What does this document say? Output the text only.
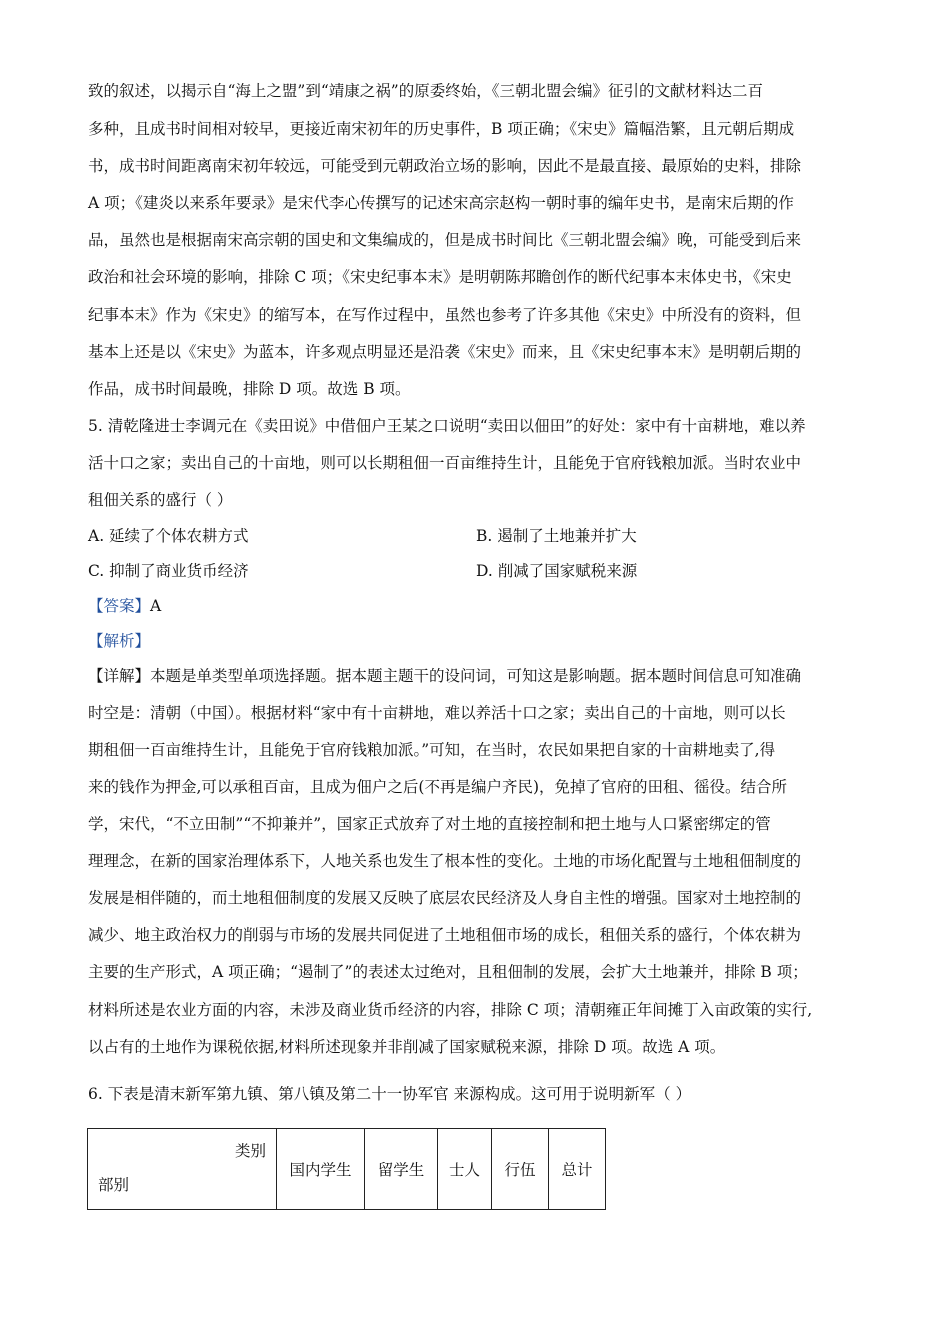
致的叙述，以揭示自“海上之盟”到“靖康之祸”的原委终始，《三朝北盟会编》征引的文献材料达二百
多种，且成书时间相对较早，更接近南宋初年的历史事件，B 项正确；《宋史》篇幅浩繁，且元朝后期成
书，成书时间距离南宋初年较远，可能受到元朝政治立场的影响，因此不是最直接、最原始的史料，排除
A 项；《建炎以来系年要录》是宋代李心传撰写的记述宋高宗赵构一朝时事的编年史书，是南宋后期的作
品，虽然也是根据南宋高宗朝的国史和文集编成的，但是成书时间比《三朝北盟会编》晚，可能受到后来
政治和社会环境的影响，排除 C 项；《宋史纪事本末》是明朝陈邦瞻创作的断代纪事本末体史书，《宋史
纪事本末》作为《宋史》的缩写本，在写作过程中，虽然也参考了许多其他《宋史》中所没有的资料，但
基本上还是以《宋史》为蓝本，许多观点明显还是沿袭《宋史》而来，且《宋史纪事本末》是明朝后期的
作品，成书时间最晚，排除 D 项。故选 B 项。
5. 清乾隆进士李调元在《卖田说》中借佃户王某之口说明“卖田以佃田”的好处：家中有十亩耕地，难以养
活十口之家；卖出自己的十亩地，则可以长期租佃一百亩维持生计，且能免于官府钱粮加派。当时农业中
租佃关系的盛行（ ）
A. 延续了个体农耕方式	B. 遏制了土地兼并扩大
C. 抑制了商业货币经济	D. 削减了国家赋税来源
【答案】A
【解析】
【详解】本题是单类型单项选择题。据本题主题干的设问词，可知这是影响题。据本题时间信息可知准确
时空是：清朝（中国）。根据材料“家中有十亩耕地，难以养活十口之家；卖出自己的十亩地，则可以长
期租佃一百亩维持生计，且能免于官府钱粮加派。”可知，在当时，农民如果把自家的十亩耕地卖了,得
来的钱作为押金,可以承租百亩，且成为佃户之后(不再是编户齐民)，免掉了官府的田租、徭役。结合所
学，宋代，“不立田制”“不抑兼并”，国家正式放弃了对土地的直接控制和把土地与人口紧密绑定的管
理理念，在新的国家治理体系下，人地关系也发生了根本性的变化。土地的市场化配置与土地租佃制度的
发展是相伴随的，而土地租佃制度的发展又反映了底层农民经济及人身自主性的增强。国家对土地控制的
减少、地主政治权力的削弱与市场的发展共同促进了土地租佃市场的成长，租佃关系的盛行，个体农耕为
主要的生产形式，A 项正确；“遏制了”的表述太过绝对，且租佃制的发展，会扩大土地兼并，排除 B 项；
材料所述是农业方面的内容，未涉及商业货币经济的内容，排除 C 项；清朝雍正年间摊丁入亩政策的实行,
以占有的土地作为课税依据,材料所述现象并非削减了国家赋税来源，排除 D 项。故选 A 项。
6. 下表是清末新军第九镇、第八镇及第二十一协军官 来源构成。这可用于说明新军（ ）
类别
部别
	国内学生	留学生	士人	行伍	总计
